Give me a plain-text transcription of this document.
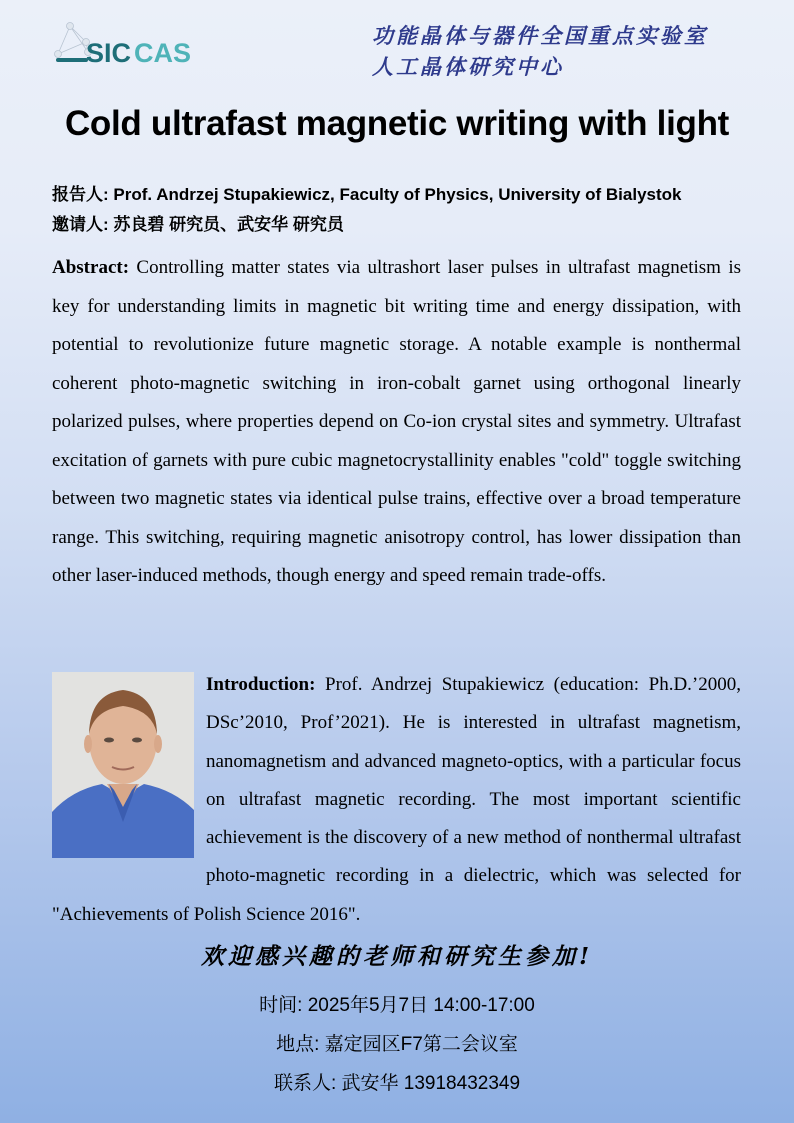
SIC CAS
功能晶体与器件全国重点实验室
人工晶体研究中心
Cold ultrafast magnetic writing with light
报告人: Prof. Andrzej Stupakiewicz, Faculty of Physics, University of Bialystok
邀请人: 苏良碧 研究员、武安华 研究员
Abstract: Controlling matter states via ultrashort laser pulses in ultrafast magnetism is key for understanding limits in magnetic bit writing time and energy dissipation, with potential to revolutionize future magnetic storage. A notable example is nonthermal coherent photo-magnetic switching in iron-cobalt garnet using orthogonal linearly polarized pulses, where properties depend on Co-ion crystal sites and symmetry. Ultrafast excitation of garnets with pure cubic magnetocrystallinity enables "cold" toggle switching between two magnetic states via identical pulse trains, effective over a broad temperature range. This switching, requiring magnetic anisotropy control, has lower dissipation than other laser-induced methods, though energy and speed remain trade-offs.
Introduction: Prof. Andrzej Stupakiewicz (education: Ph.D.’2000, DSc’2010, Prof’2021). He is interested in ultrafast magnetism, nanomagnetism and advanced magneto-optics, with a particular focus on ultrafast magnetic recording. The most important scientific achievement is the discovery of a new method of nonthermal ultrafast photo-magnetic recording in a dielectric, which was selected for "Achievements of Polish Science 2016".
欢迎感兴趣的老师和研究生参加!
时间: 2025年5月7日 14:00-17:00
地点: 嘉定园区F7第二会议室
联系人: 武安华 13918432349
